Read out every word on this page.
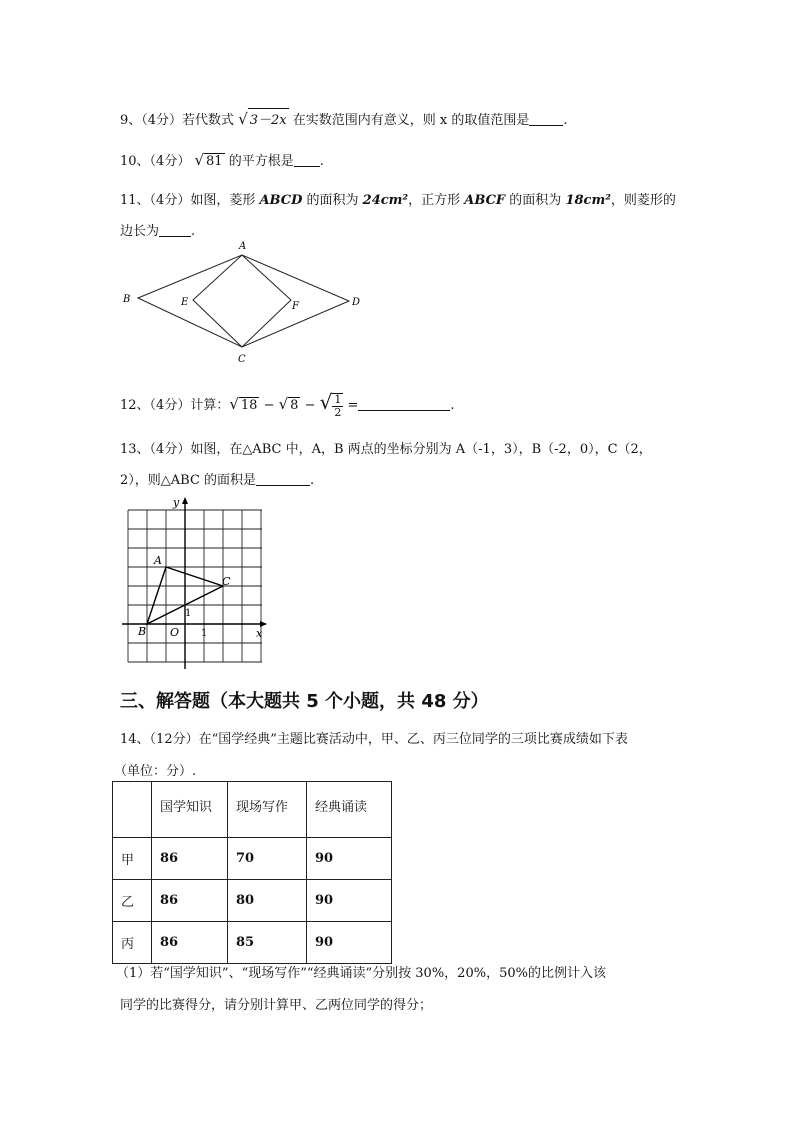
9、（4分）若代数式 √ 3－2x 在实数范围内有意义，则 x 的取值范围是	.
10、（4分） √ 81 的平方根是 .
11、（4分）如图，菱形 ABCD 的面积为 24cm²，正方形 ABCF 的面积为 18cm²，则菱形的
边长为 .
A
B
C
D
E	F
12、（4分）计算：√ 18 − √ 8 − √ $\frac{1}{2}$ =	.
13、（4分）如图，在△ABC 中，A，B 两点的坐标分别为 A（-1，3），B（-2，0），C（2，
2），则△ABC 的面积是	.
y
x
A
B
C
O 1
1
三、解答题（本大题共 5 个小题，共 48 分）
14、（12分）在“国学经典”主题比赛活动中，甲、乙、丙三位同学的三项比赛成绩如下表
（单位：分）.
	国学知识	现场写作	经典诵读
甲	86	70	90
乙	86	80	90
丙	86	85	90
（1）若“国学知识”、“现场写作”“经典诵读”分别按 30%，20%，50%的比例计入该
同学的比赛得分，请分别计算甲、乙两位同学的得分；
